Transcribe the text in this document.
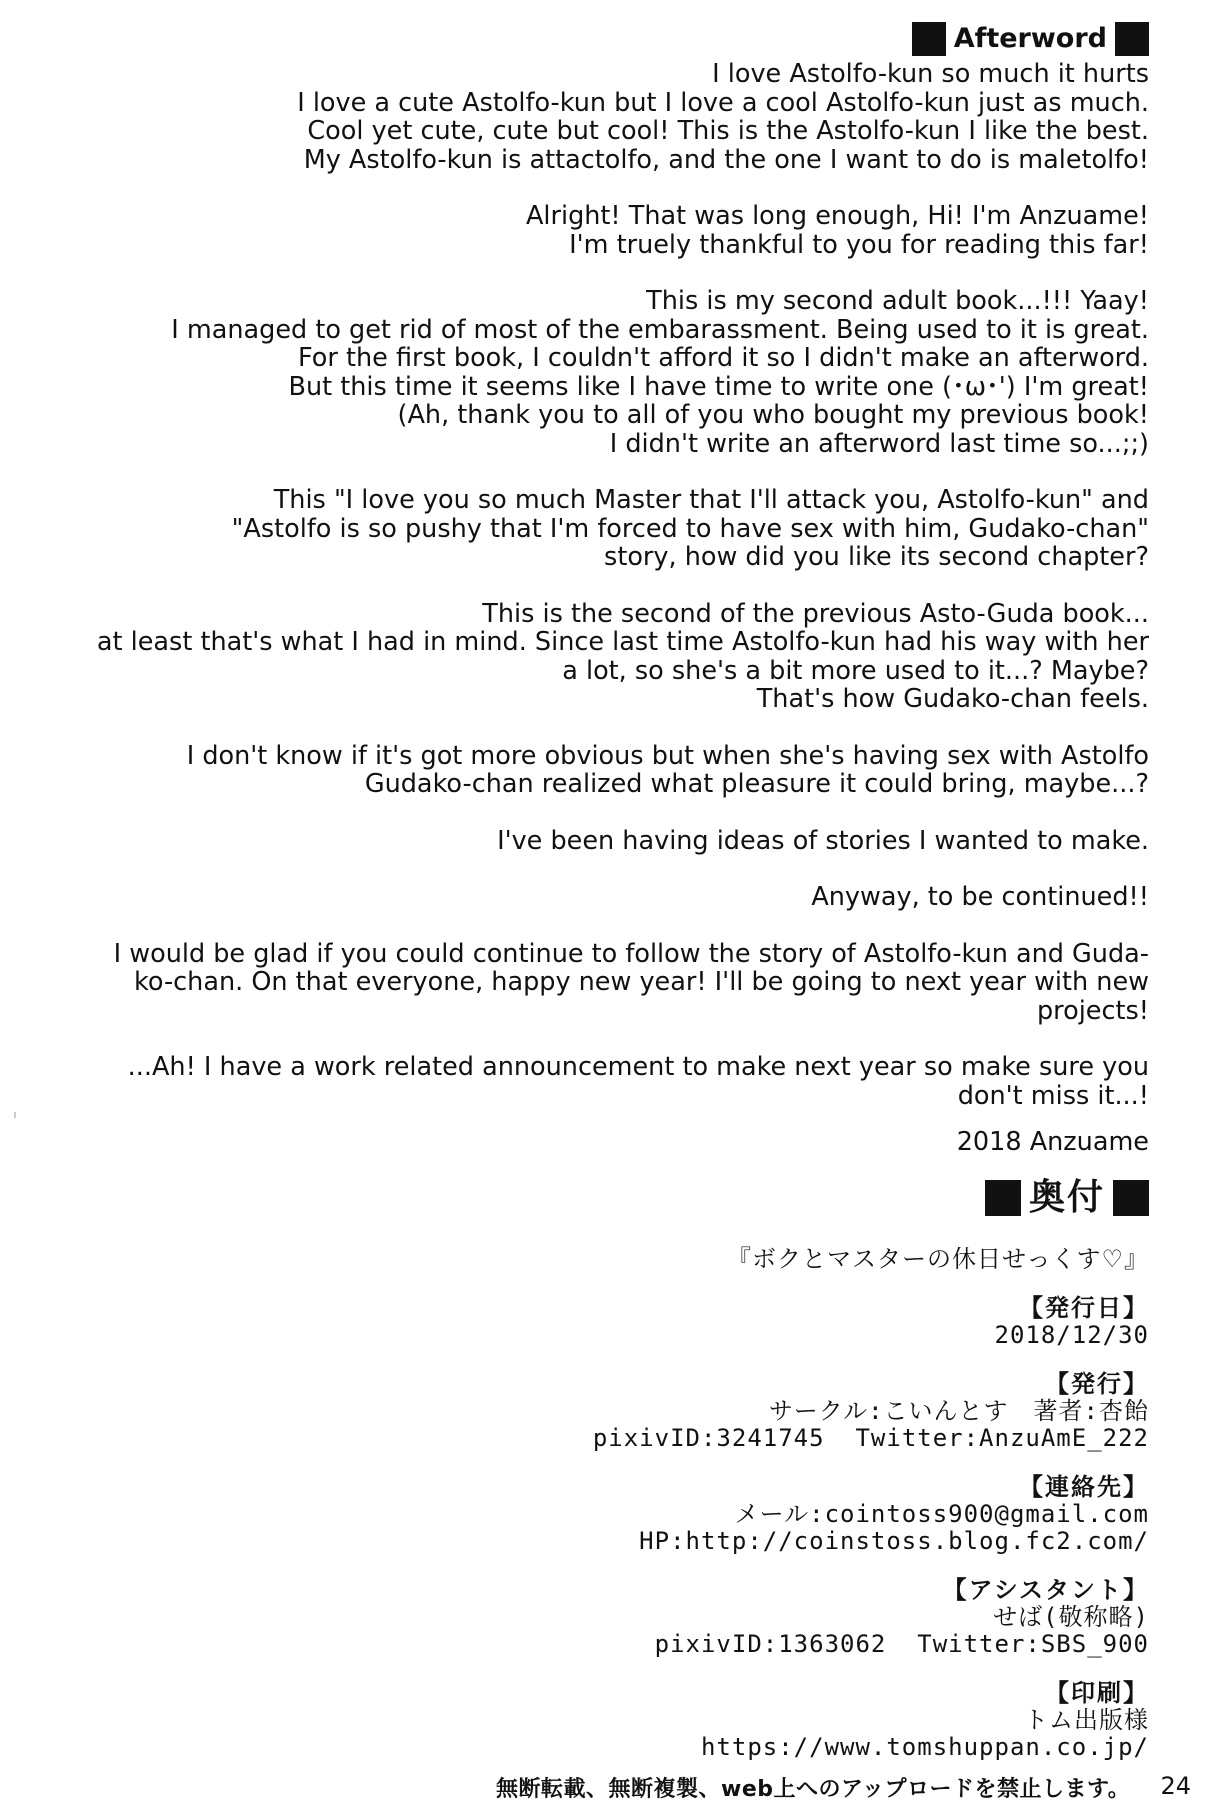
Afterword

I love Astolfo-kun so much it hurts
I love a cute Astolfo-kun but I love a cool Astolfo-kun just as much.
Cool yet cute, cute but cool! This is the Astolfo-kun I like the best.
My Astolfo-kun is attactolfo, and the one I want to do is maletolfo!

Alright! That was long enough, Hi! I'm Anzuame!
I'm truely thankful to you for reading this far!

This is my second adult book...!!! Yaay!
I managed to get rid of most of the embarassment. Being used to it is great.
For the first book, I couldn't afford it so I didn't make an afterword.
But this time it seems like I have time to write one (･ω･') I'm great!
(Ah, thank you to all of you who bought my previous book!
I didn't write an afterword last time so...;;)

This "I love you so much Master that I'll attack you, Astolfo-kun" and
"Astolfo is so pushy that I'm forced to have sex with him, Gudako-chan"
story, how did you like its second chapter?

This is the second of the previous Asto-Guda book...
at least that's what I had in mind. Since last time Astolfo-kun had his way with her
a lot, so she's a bit more used to it...? Maybe?
That's how Gudako-chan feels.

I don't know if it's got more obvious but when she's having sex with Astolfo
Gudako-chan realized what pleasure it could bring, maybe...?

I've been having ideas of stories I wanted to make.

Anyway, to be continued!!

I would be glad if you could continue to follow the story of Astolfo-kun and Guda-
ko-chan. On that everyone, happy new year! I'll be going to next year with new
projects!

...Ah! I have a work related announcement to make next year so make sure you
don't miss it...!

2018 Anzuame
奥付
『ボクとマスターの休日せっくす♡』
【発行日】
2018/12/30
【発行】
サークル:こいんとす　著者:杏飴
pixivID:3241745  Twitter:AnzuAmE_222
【連絡先】
メール:cointoss900@gmail.com
HP:http://coinstoss.blog.fc2.com/
【アシスタント】
せば(敬称略)
pixivID:1363062  Twitter:SBS_900
【印刷】
トム出版様
https://www.tomshuppan.co.jp/
無断転載、無断複製、web上へのアップロードを禁止します。 24
